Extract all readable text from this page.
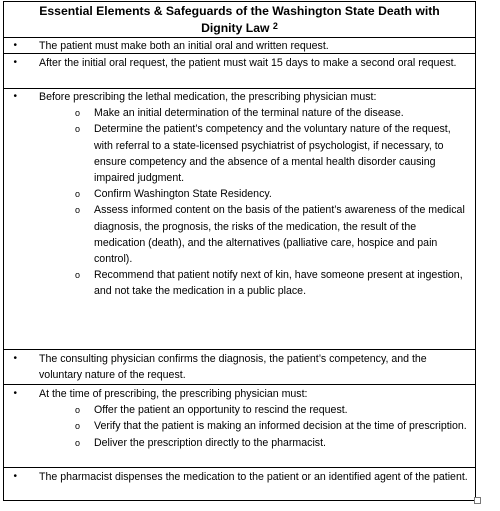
Essential Elements & Safeguards of the Washington State Death with
Dignity Law $^2$
•	The patient must make both an initial oral and written request.
•	After the initial oral request, the patient must wait 15 days to make a second oral request.
•	Before prescribing the lethal medication, the prescribing physician must:
o	Make an initial determination of the terminal nature of the disease.
o	Determine the patient’s competency and the voluntary nature of the request, with referral to a state-licensed psychiatrist of psychologist, if necessary, to ensure competency and the absence of a mental health disorder causing impaired judgment.
o	Confirm Washington State Residency.
o	Assess informed content on the basis of the patient’s awareness of the medical diagnosis, the prognosis, the risks of the medication, the result of the medication (death), and the alternatives (palliative care, hospice and pain control).
o	Recommend that patient notify next of kin, have someone present at ingestion, and not take the medication in a public place.
•	The consulting physician confirms the diagnosis, the patient’s competency, and the voluntary nature of the request.
•	At the time of prescribing, the prescribing physician must:
o	Offer the patient an opportunity to rescind the request.
o	Verify that the patient is making an informed decision at the time of prescription.
o	Deliver the prescription directly to the pharmacist.
•	The pharmacist dispenses the medication to the patient or an identified agent of the patient.
